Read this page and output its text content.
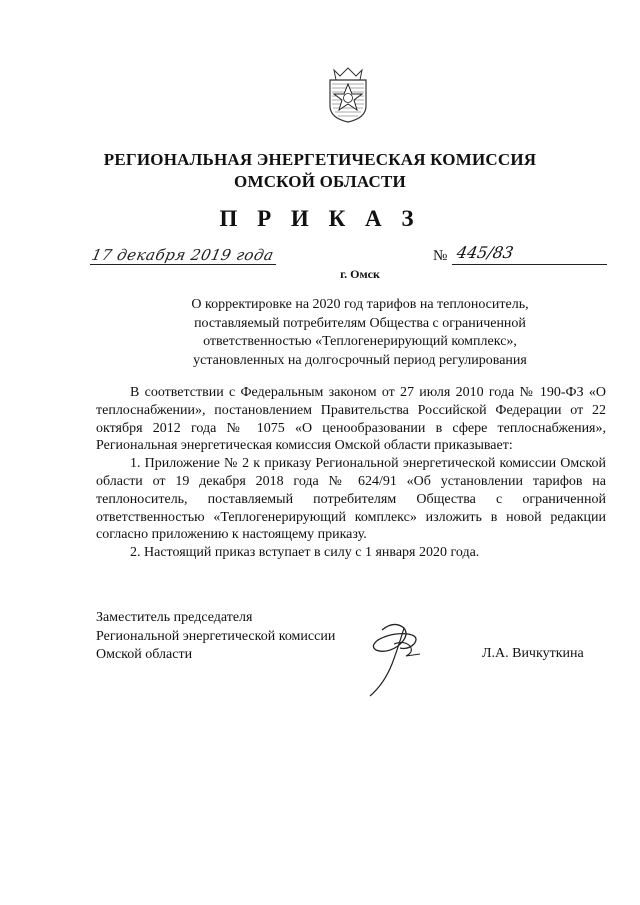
РЕГИОНАЛЬНАЯ ЭНЕРГЕТИЧЕСКАЯ КОМИССИЯ
ОМСКОЙ ОБЛАСТИ
П Р И К А З
17 декабря 2019 года	№ 445/83
г. Омск
О корректировке на 2020 год тарифов на теплоноситель,
поставляемый потребителям Общества с ограниченной
ответственностью «Теплогенерирующий комплекс»,
установленных на долгосрочный период регулирования

В соответствии с Федеральным законом от 27 июля 2010 года № 190-ФЗ «О теплоснабжении», постановлением Правительства Российской Федерации от 22 октября 2012 года № 1075 «О ценообразовании в сфере теплоснабжения», Региональная энергетическая комиссия Омской области приказывает:

1. Приложение № 2 к приказу Региональной энергетической комиссии Омской области от 19 декабря 2018 года № 624/91 «Об установлении тарифов на теплоноситель, поставляемый потребителям Общества с ограниченной ответственностью «Теплогенерирующий комплекс» изложить в новой редакции согласно приложению к настоящему приказу.

2. Настоящий приказ вступает в силу с 1 января 2020 года.

Заместитель председателя
Региональной энергетической комиссии
Омской области	Л.А. Вичкуткина
